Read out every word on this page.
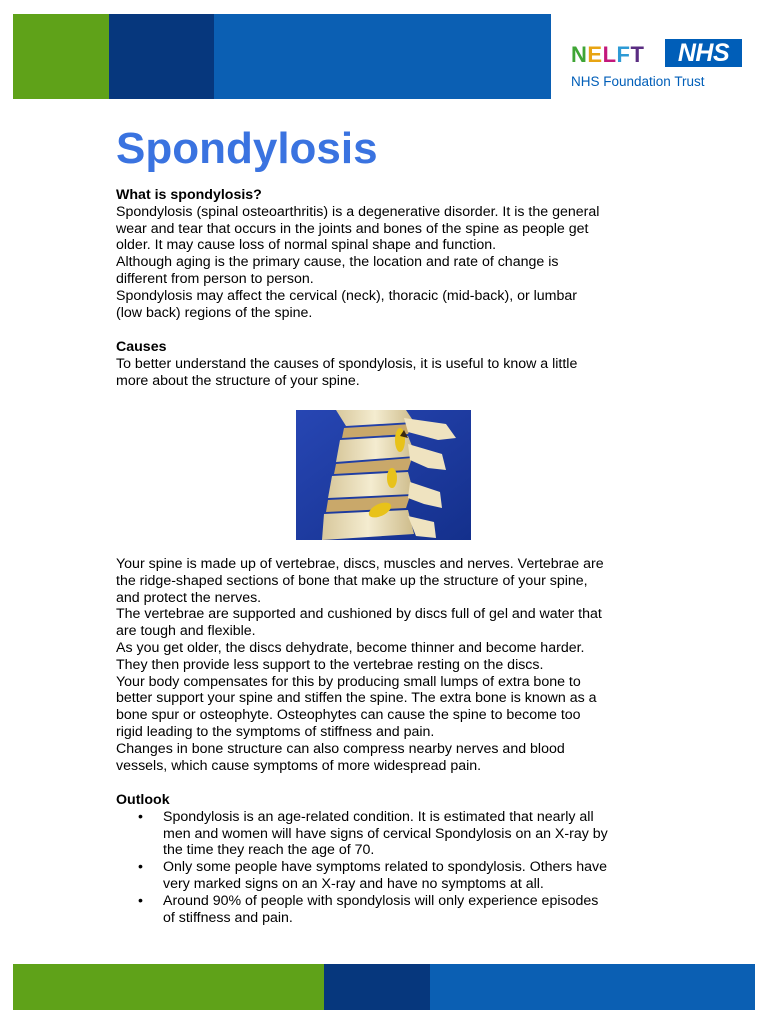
NELFT	NHS
NHS Foundation Trust
Spondylosis

What is spondylosis?

Spondylosis (spinal osteoarthritis) is a degenerative disorder. It is the general

wear and tear that occurs in the joints and bones of the spine as people get

older. It may cause loss of normal spinal shape and function.

Although aging is the primary cause, the location and rate of change is

different from person to person.

Spondylosis may affect the cervical (neck), thoracic (mid-back), or lumbar

(low back) regions of the spine.

Causes

To better understand the causes of spondylosis, it is useful to know a little

more about the structure of your spine.

Your spine is made up of vertebrae, discs, muscles and nerves. Vertebrae are

the ridge-shaped sections of bone that make up the structure of your spine,

and protect the nerves.

The vertebrae are supported and cushioned by discs full of gel and water that

are tough and flexible.

As you get older, the discs dehydrate, become thinner and become harder.

They then provide less support to the vertebrae resting on the discs.

Your body compensates for this by producing small lumps of extra bone to

better support your spine and stiffen the spine. The extra bone is known as a

bone spur or osteophyte. Osteophytes can cause the spine to become too

rigid leading to the symptoms of stiffness and pain.

Changes in bone structure can also compress nearby nerves and blood

vessels, which cause symptoms of more widespread pain.

Outlook

• Spondylosis is an age-related condition. It is estimated that nearly all

men and women will have signs of cervical Spondylosis on an X-ray by

the time they reach the age of 70.

• Only some people have symptoms related to spondylosis. Others have

very marked signs on an X-ray and have no symptoms at all.

• Around 90% of people with spondylosis will only experience episodes

of stiffness and pain.
